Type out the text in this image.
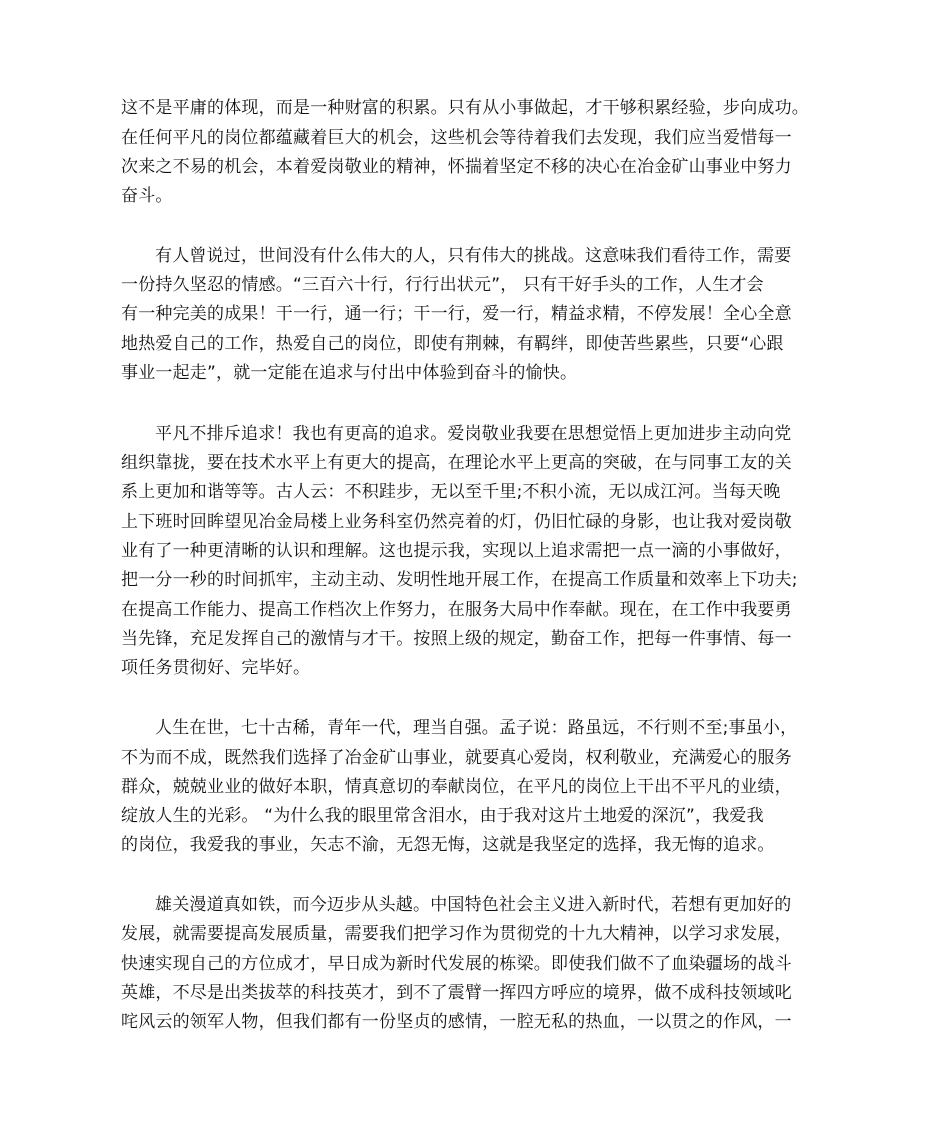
这不是平庸的体现，而是一种财富的积累。只有从小事做起，才干够积累经验，步向成功。

在任何平凡的岗位都蕴藏着巨大的机会，这些机会等待着我们去发现，我们应当爱惜每一

次来之不易的机会，本着爱岗敬业的精神，怀揣着坚定不移的决心在冶金矿山事业中努力

奋斗。

有人曾说过，世间没有什么伟大的人，只有伟大的挑战。这意味我们看待工作，需要

一份持久坚忍的情感。“三百六十行，行行出状元”， 只有干好手头的工作，人生才会

有一种完美的成果！干一行，通一行；干一行，爱一行，精益求精，不停发展！全心全意

地热爱自己的工作，热爱自己的岗位，即使有荆棘，有羁绊，即使苦些累些，只要“心跟

事业一起走”，就一定能在追求与付出中体验到奋斗的愉快。

平凡不排斥追求！我也有更高的追求。爱岗敬业我要在思想觉悟上更加进步主动向党

组织靠拢，要在技术水平上有更大的提高，在理论水平上更高的突破，在与同事工友的关

系上更加和谐等等。古人云：不积跬步，无以至千里;不积小流，无以成江河。当每天晚

上下班时回眸望见冶金局楼上业务科室仍然亮着的灯，仍旧忙碌的身影，也让我对爱岗敬

业有了一种更清晰的认识和理解。这也提示我，实现以上追求需把一点一滴的小事做好，

把一分一秒的时间抓牢，主动主动、发明性地开展工作，在提高工作质量和效率上下功夫;

在提高工作能力、提高工作档次上作努力，在服务大局中作奉献。现在，在工作中我要勇

当先锋，充足发挥自己的激情与才干。按照上级的规定，勤奋工作，把每一件事情、每一

项任务贯彻好、完毕好。

人生在世，七十古稀，青年一代，理当自强。孟子说：路虽远，不行则不至;事虽小，

不为而不成，既然我们选择了冶金矿山事业，就要真心爱岗，权利敬业，充满爱心的服务

群众，兢兢业业的做好本职，情真意切的奉献岗位，在平凡的岗位上干出不平凡的业绩，

绽放人生的光彩。 “为什么我的眼里常含泪水，由于我对这片土地爱的深沉”，我爱我

的岗位，我爱我的事业，矢志不渝，无怨无悔，这就是我坚定的选择，我无悔的追求。

雄关漫道真如铁，而今迈步从头越。中国特色社会主义进入新时代，若想有更加好的

发展，就需要提高发展质量，需要我们把学习作为贯彻党的十九大精神，以学习求发展，

快速实现自己的方位成才，早日成为新时代发展的栋梁。即使我们做不了血染疆场的战斗

英雄，不尽是出类拔萃的科技英才，到不了震臂一挥四方呼应的境界，做不成科技领域叱

咤风云的领军人物，但我们都有一份坚贞的感情，一腔无私的热血，一以贯之的作风，一
